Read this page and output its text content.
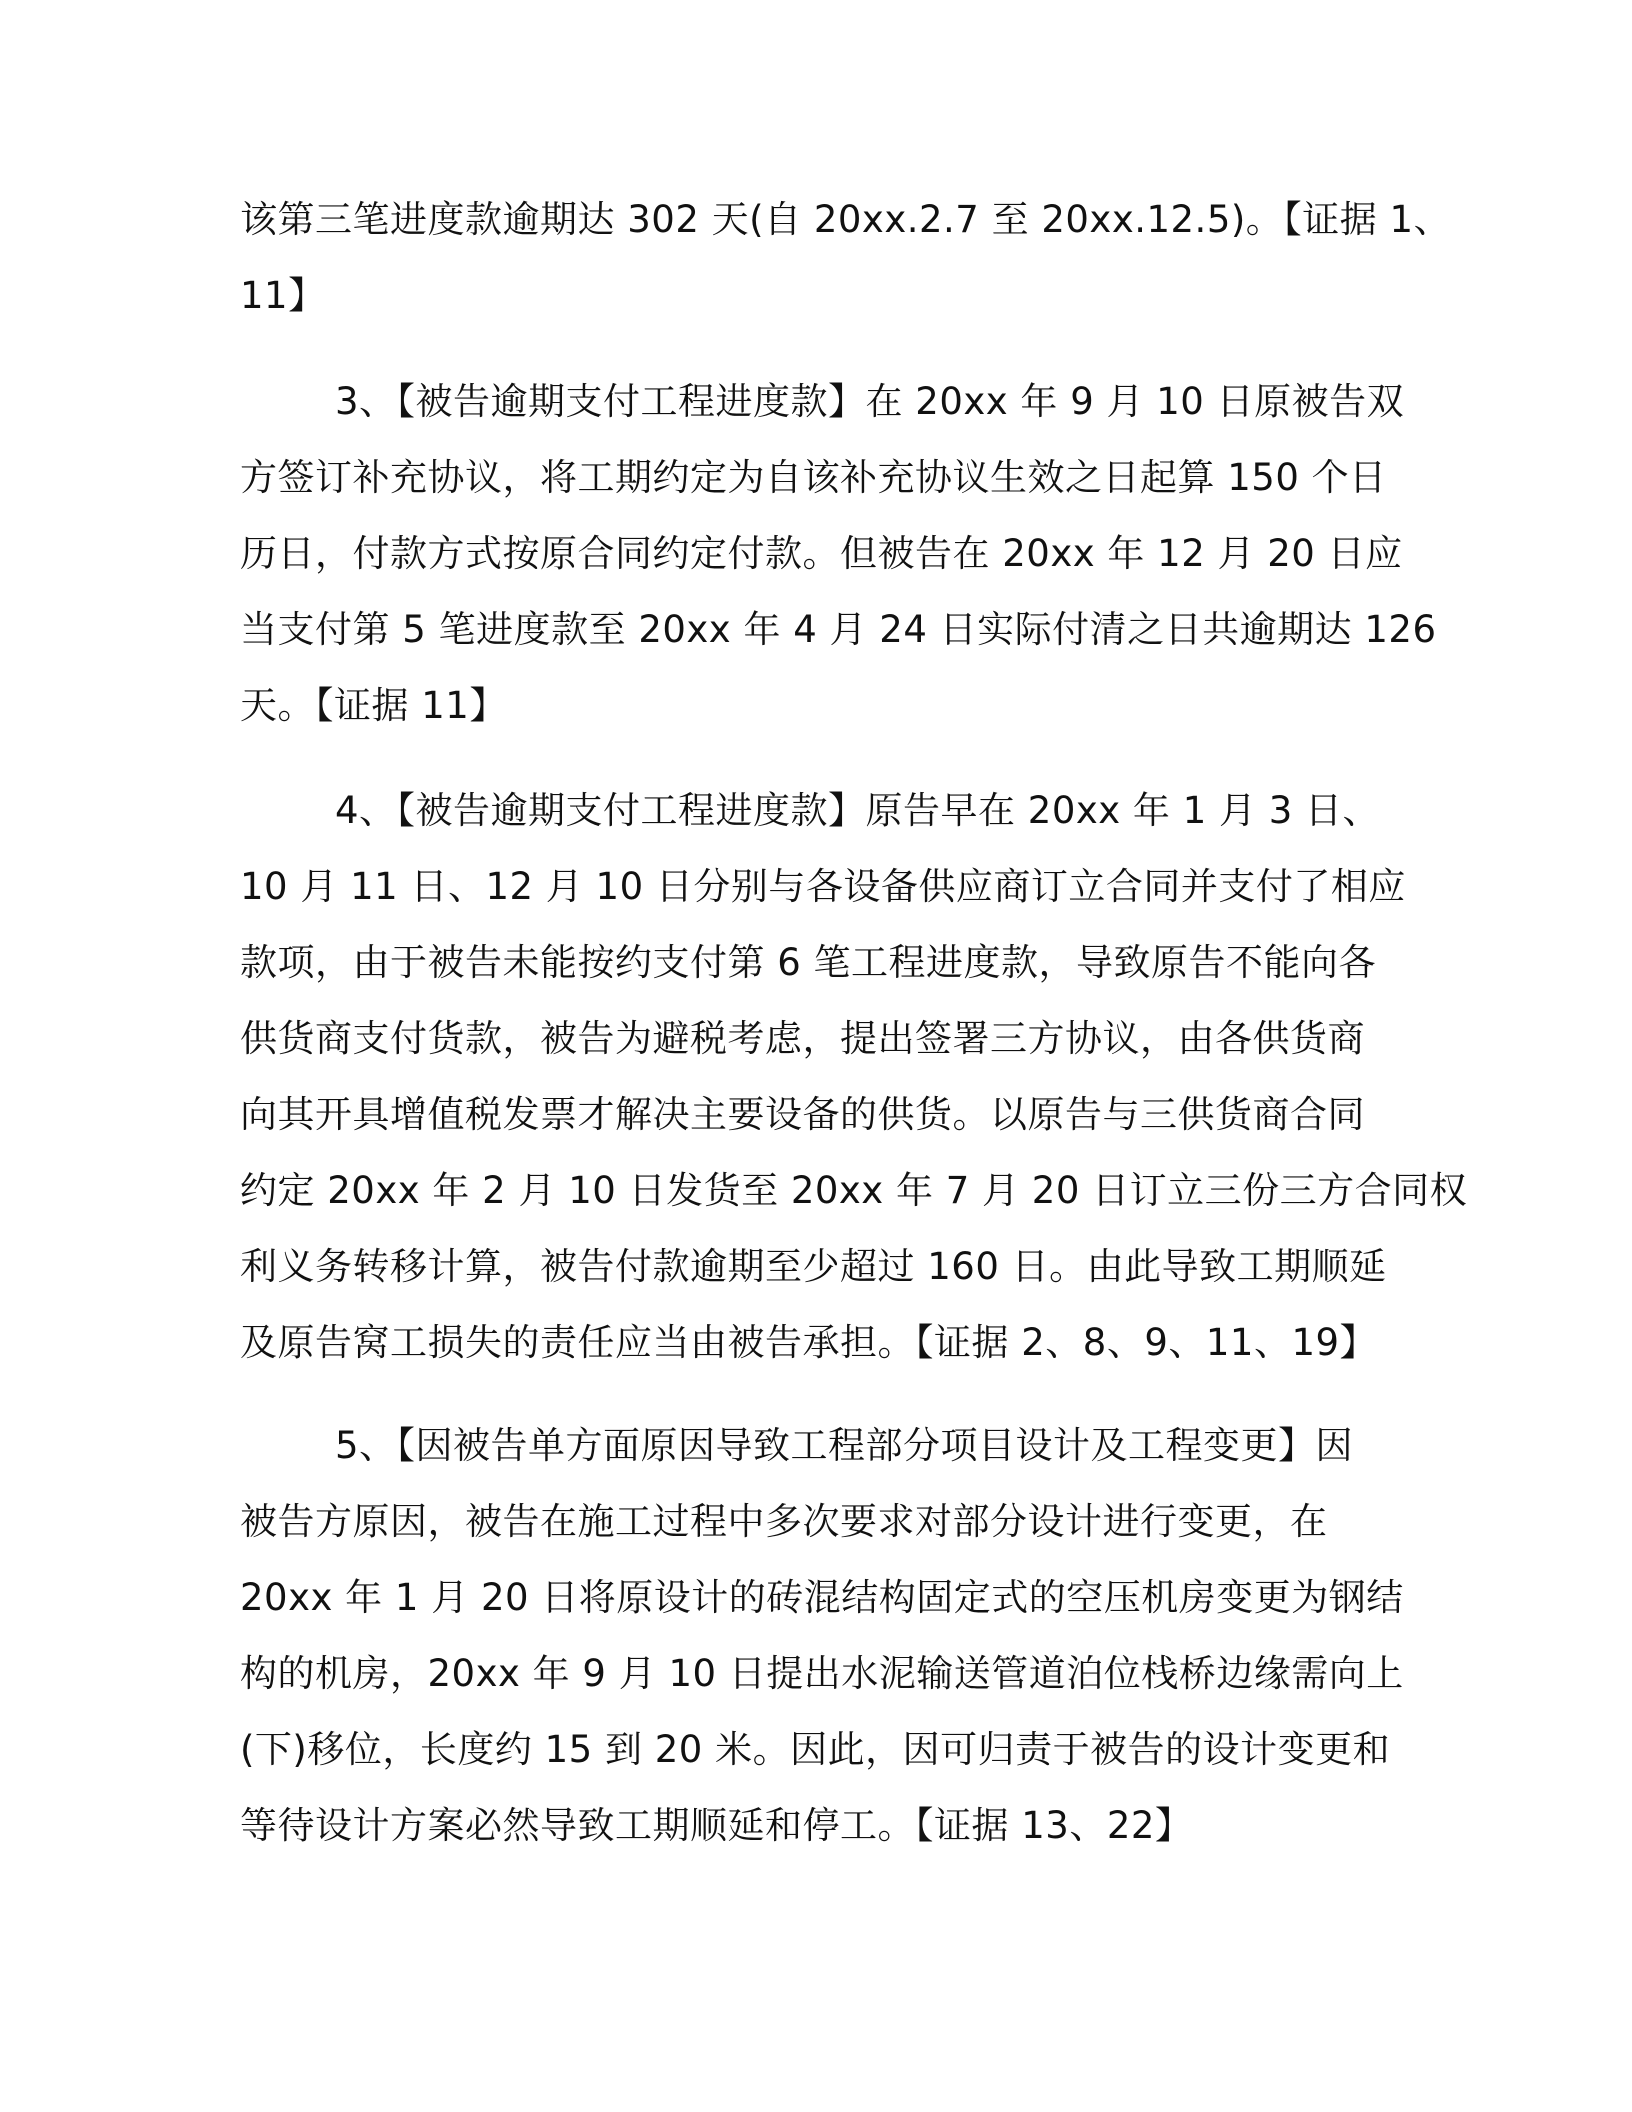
该第三笔进度款逾期达 302 天(自 20xx.2.7 至 20xx.12.5)。【证据 1、
11】
3、【被告逾期支付工程进度款】在 20xx 年 9 月 10 日原被告双
方签订补充协议，将工期约定为自该补充协议生效之日起算 150 个日
历日，付款方式按原合同约定付款。但被告在 20xx 年 12 月 20 日应
当支付第 5 笔进度款至 20xx 年 4 月 24 日实际付清之日共逾期达 126
天。【证据 11】
4、【被告逾期支付工程进度款】原告早在 20xx 年 1 月 3 日、
10 月 11 日、12 月 10 日分别与各设备供应商订立合同并支付了相应
款项，由于被告未能按约支付第 6 笔工程进度款，导致原告不能向各
供货商支付货款，被告为避税考虑，提出签署三方协议，由各供货商
向其开具增值税发票才解决主要设备的供货。以原告与三供货商合同
约定 20xx 年 2 月 10 日发货至 20xx 年 7 月 20 日订立三份三方合同权
利义务转移计算，被告付款逾期至少超过 160 日。由此导致工期顺延
及原告窝工损失的责任应当由被告承担。【证据 2、8、9、11、19】
5、【因被告单方面原因导致工程部分项目设计及工程变更】因
被告方原因，被告在施工过程中多次要求对部分设计进行变更，在
20xx 年 1 月 20 日将原设计的砖混结构固定式的空压机房变更为钢结
构的机房，20xx 年 9 月 10 日提出水泥输送管道泊位栈桥边缘需向上
(下)移位，长度约 15 到 20 米。因此，因可归责于被告的设计变更和
等待设计方案必然导致工期顺延和停工。【证据 13、22】
